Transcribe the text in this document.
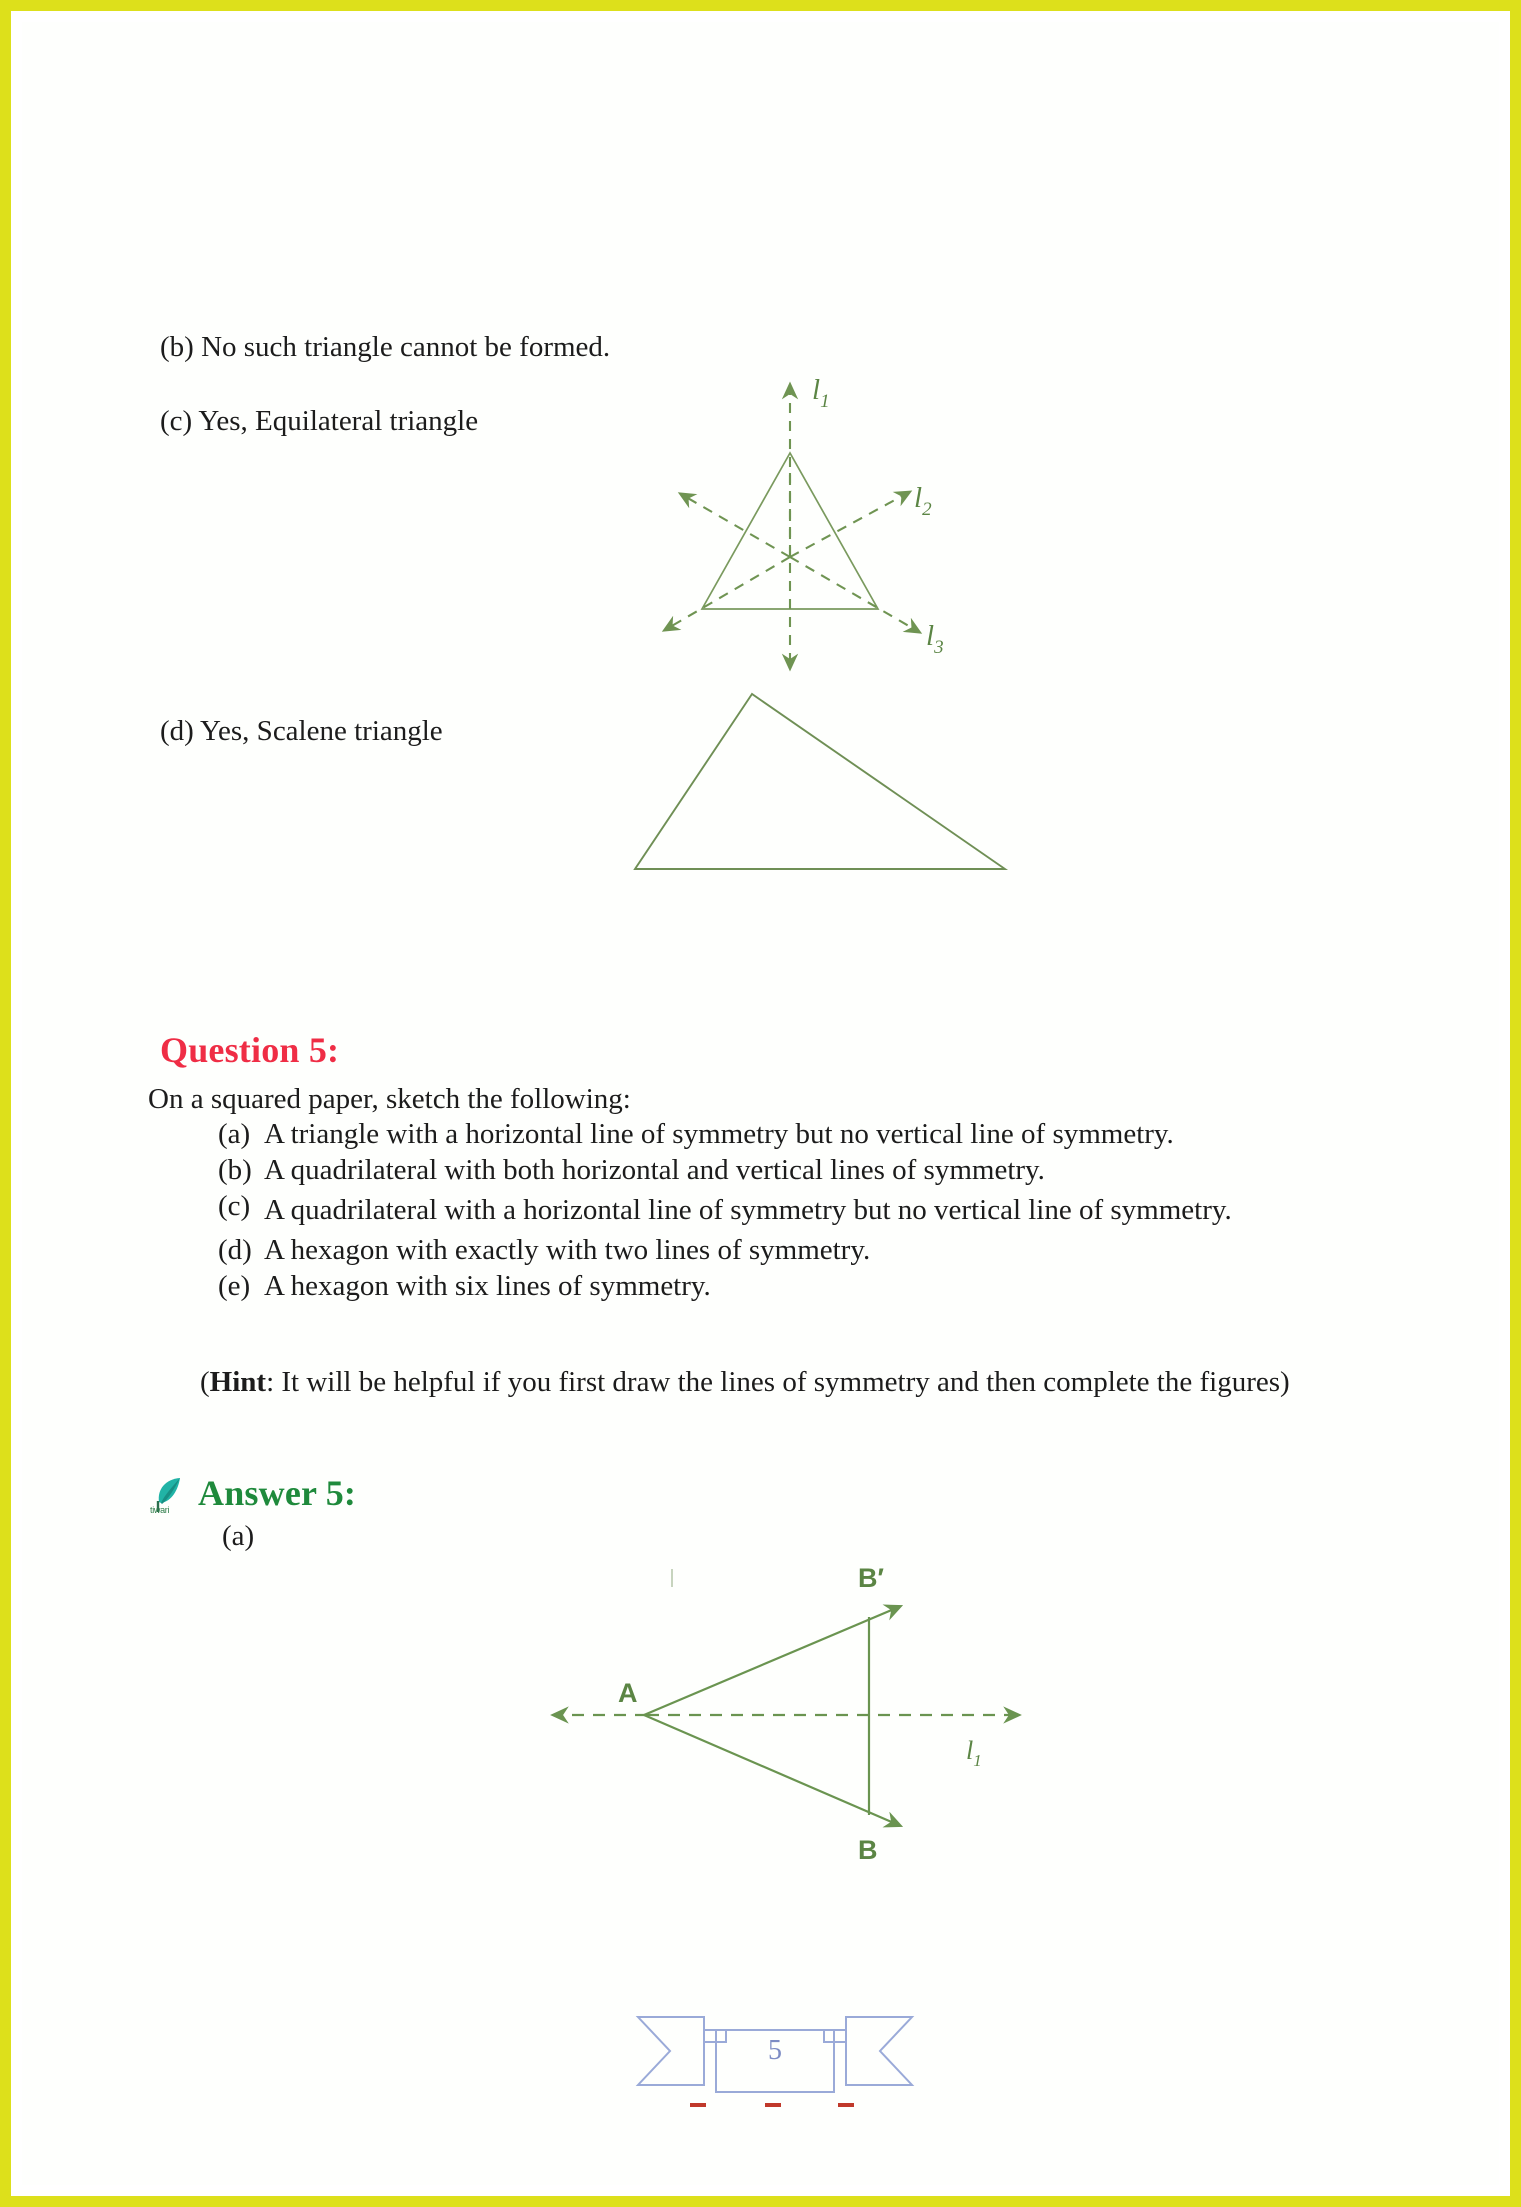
(b) No such triangle cannot be formed.
(c) Yes, Equilateral triangle
$l_1$
$l_2$
$l_3$
(d) Yes, Scalene triangle
Question 5:
On a squared paper, sketch the following:
(a) A triangle with a horizontal line of symmetry but no vertical line of symmetry.
(b) A quadrilateral with both horizontal and vertical lines of symmetry.
(c) A quadrilateral with a horizontal line of symmetry but no vertical line of symmetry.
(d) A hexagon with exactly with two lines of symmetry.
(e) A hexagon with six lines of symmetry.
(Hint: It will be helpful if you first draw the lines of symmetry and then complete the figures)
tiwari Answer 5:
(a)
A
B′
B
$l_1$
5
